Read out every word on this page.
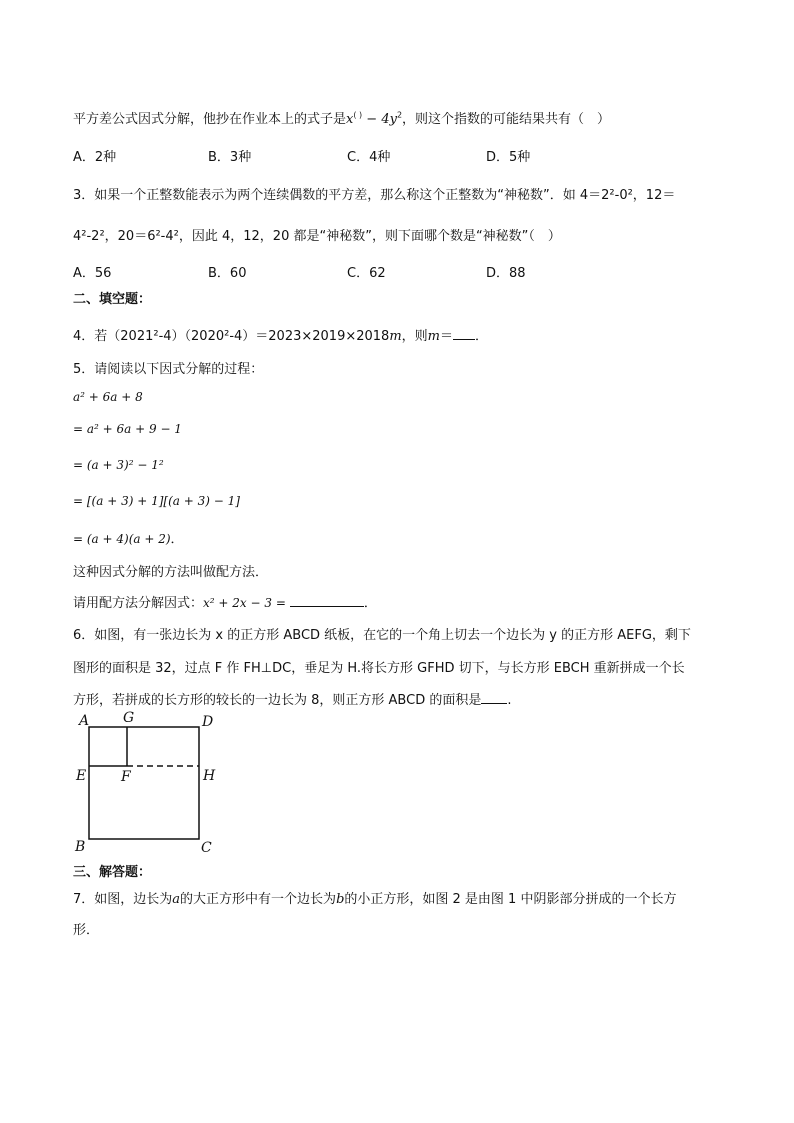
平方差公式因式分解，他抄在作业本上的式子是$x^{( )} - 4y^2$，则这个指数的可能结果共有（　）
A．2种	B．3种	C．4种	D．5种
3．如果一个正整数能表示为两个连续偶数的平方差，那么称这个正整数为“神秘数”．如 4＝2²-0²，12＝
4²-2²，20＝6²-4²，因此 4，12，20 都是“神秘数”，则下面哪个数是“神秘数”（　）
A．56	B．60	C．62	D．88
二、填空题：
4．若（2021²-4）（2020²-4）＝2023×2019×2018m，则m＝ ．
5．请阅读以下因式分解的过程：
a² + 6a + 8
= a² + 6a + 9 − 1
= (a + 3)² − 1²
= [(a + 3) + 1][(a + 3) − 1]
= (a + 4)(a + 2)．
这种因式分解的方法叫做配方法．
请用配方法分解因式：x² + 2x − 3 =	．
6．如图，有一张边长为 x 的正方形 ABCD 纸板，在它的一个角上切去一个边长为 y 的正方形 AEFG，剩下
图形的面积是 32，过点 F 作 FH⊥DC，垂足为 H.将长方形 GFHD 切下，与长方形 EBCH 重新拼成一个长
方形，若拼成的长方形的较长的一边长为 8，则正方形 ABCD 的面积是 .
A G	D
E F	H
B	C
三、解答题：
7．如图，边长为a的大正方形中有一个边长为b的小正方形，如图 2 是由图 1 中阴影部分拼成的一个长方
形．
